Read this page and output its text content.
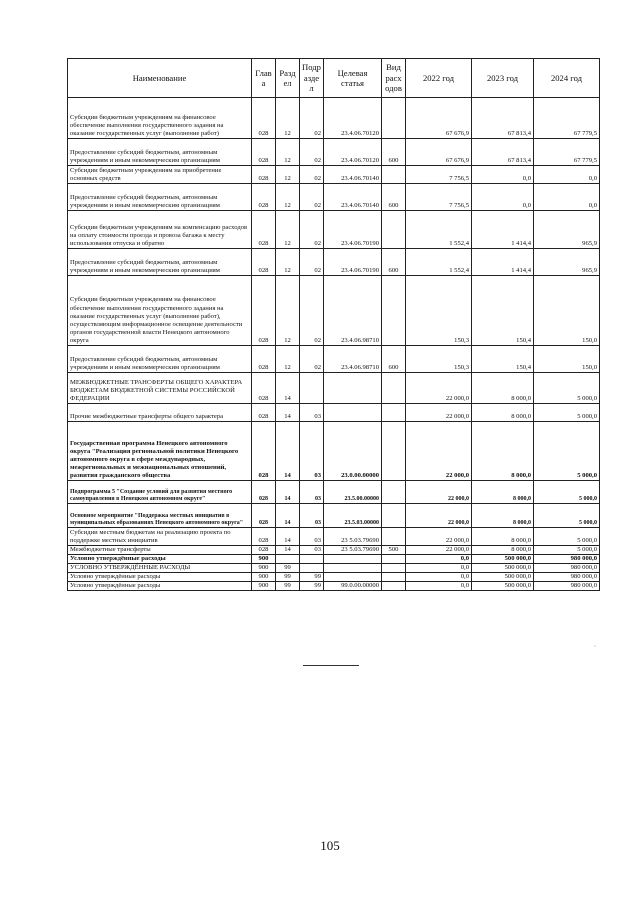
Наименование	Глав а	Разд ел	Подр азде л	Целевая статья	Вид расх одов	2022 год	2023 год	2024 год
Субсидии бюджетным учреждениям на финансовое обеспечение выполнения государственного задания на оказание государственных услуг (выполнение работ)	028	12	02	23.4.06.70120		67 676,9	67 813,4	67 779,5
Предоставление субсидий бюджетным, автономным учреждениям и иным некоммерческим организациям	028	12	02	23.4.06.70120	600	67 676,9	67 813,4	67 779,5
Субсидии бюджетным учреждениям на приобретение основных средств	028	12	02	23.4.06.70140		7 756,5	0,0	0,0
Предоставление субсидий бюджетным, автономным учреждениям и иным некоммерческим организациям	028	12	02	23.4.06.70140	600	7 756,5	0,0	0,0
Субсидии бюджетным учреждениям на компенсацию расходов на оплату стоимости проезда и провоза багажа к месту использования отпуска и обратно	028	12	02	23.4.06.70190		1 552,4	1 414,4	965,9
Предоставление субсидий бюджетным, автономным учреждениям и иным некоммерческим организациям	028	12	02	23.4.06.70190	600	1 552,4	1 414,4	965,9
Субсидии бюджетным учреждениям на финансовое обеспечение выполнения государственного задания на оказание государственных услуг (выполнение работ), осуществляющим информационное освещение деятельности органов государственной власти Ненецкого автономного округа	028	12	02	23.4.06.98710		150,3	150,4	150,0
Предоставление субсидий бюджетным, автономным учреждениям и иным некоммерческим организациям	028	12	02	23.4.06.98710	600	150,3	150,4	150,0
МЕЖБЮДЖЕТНЫЕ ТРАНСФЕРТЫ ОБЩЕГО ХАРАКТЕРА БЮДЖЕТАМ БЮДЖЕТНОЙ СИСТЕМЫ РОССИЙСКОЙ ФЕДЕРАЦИИ	028	14				22 000,0	8 000,0	5 000,0
Прочие межбюджетные трансферты общего характера	028	14	03			22 000,0	8 000,0	5 000,0
Государственная программа Ненецкого автономного округа "Реализация региональной политики Ненецкого автономного округа в сфере международных, межрегиональных и межнациональных отношений, развития гражданского общества	028	14	03	23.0.00.00000		22 000,0	8 000,0	5 000,0
Подпрограмма 5 "Создание условий для развития местного самоуправления в Ненецком автономном округе"	028	14	03	23.5.00.00000		22 000,0	8 000,0	5 000,0
Основное мероприятие "Поддержка местных инициатив в муниципальных образованиях Ненецкого автономного округа"	028	14	03	23.5.03.00000		22 000,0	8 000,0	5 000,0
Субсидии местным бюджетам на реализацию проекта по поддержке местных инициатив	028	14	03	23 5.03.79690		22 000,0	8 000,0	5 000,0
Межбюджетные трансферты	028	14	03	23 5.03.79690	500	22 000,0	8 000,0	5 000,0
Условно утверждённые расходы	900					0,0	500 000,0	980 000,0
УСЛОВНО УТВЕРЖДЁННЫЕ РАСХОДЫ	900	99				0,0	500 000,0	980 000,0
Условно утверждённые расходы	900	99	99			0,0	500 000,0	980 000,0
Условно утверждённые расходы	900	99	99	99.0.00.00000		0,0	500 000,0	980 000,0
·
105
